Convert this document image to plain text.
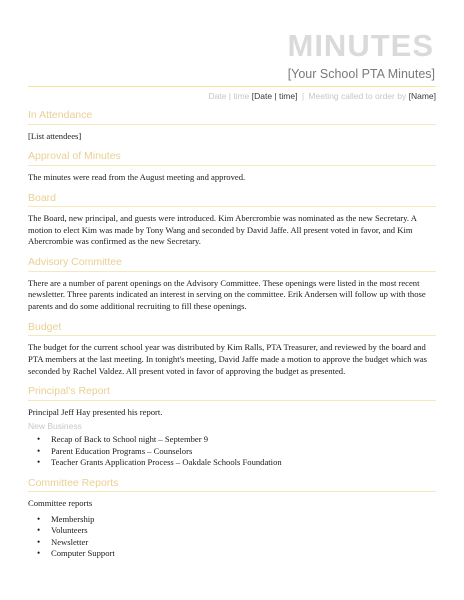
MINUTES

[Your School PTA Minutes]

Date | time [Date | time] | Meeting called to order by [Name]

In Attendance

[List attendees]

Approval of Minutes

The minutes were read from the August meeting and approved.

Board

The Board, new principal, and guests were introduced. Kim Abercrombie was nominated as the new Secretary. A motion to elect Kim was made by Tony Wang and seconded by David Jaffe. All present voted in favor, and Kim Abercrombie was confirmed as the new Secretary.

Advisory Committee

There are a number of parent openings on the Advisory Committee. These openings were listed in the most recent newsletter. Three parents indicated an interest in serving on the committee. Erik Andersen will follow up with those parents and do some additional recruiting to fill these openings.

Budget

The budget for the current school year was distributed by Kim Ralls, PTA Treasurer, and reviewed by the board and PTA members at the last meeting. In tonight's meeting, David Jaffe made a motion to approve the budget which was seconded by Rachel Valdez. All present voted in favor of approving the budget as presented.

Principal's Report

Principal Jeff Hay presented his report.

New Business
• Recap of Back to School night – September 9
• Parent Education Programs – Counselors
• Teacher Grants Application Process – Oakdale Schools Foundation
Committee Reports

Committee reports

• Membership
• Volunteers
• Newsletter
• Computer Support
